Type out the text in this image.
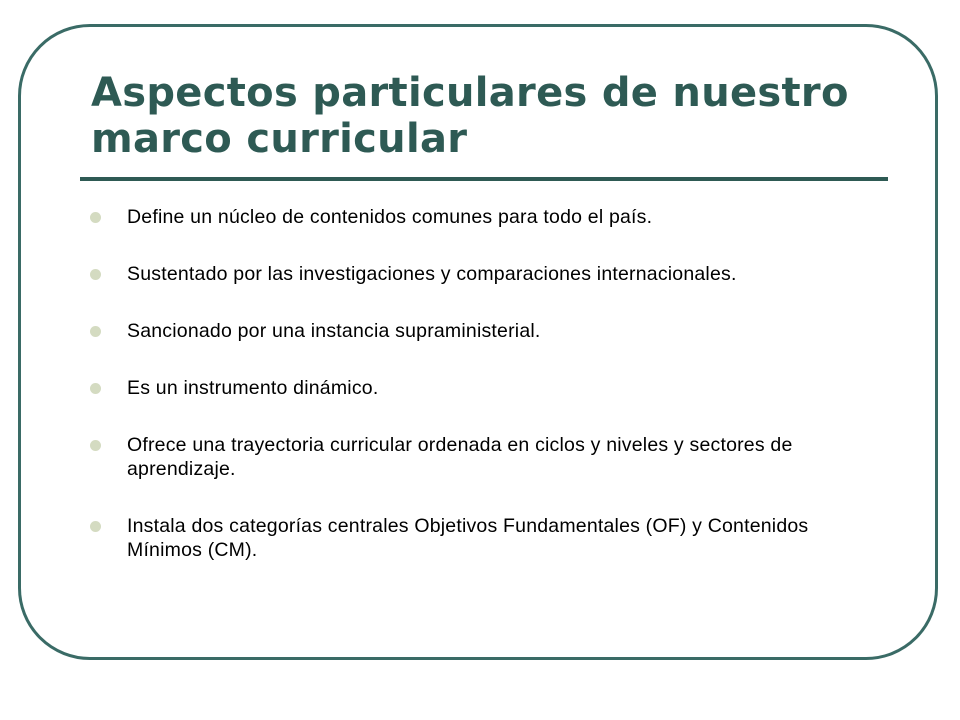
Aspectos particulares de nuestro marco curricular
Define un núcleo de contenidos comunes para todo el país.
Sustentado por las investigaciones y comparaciones internacionales.
Sancionado por una instancia supraministerial.
Es un instrumento dinámico.
Ofrece una trayectoria curricular ordenada en ciclos y niveles y sectores de aprendizaje.
Instala dos categorías centrales Objetivos Fundamentales (OF) y Contenidos Mínimos (CM).
